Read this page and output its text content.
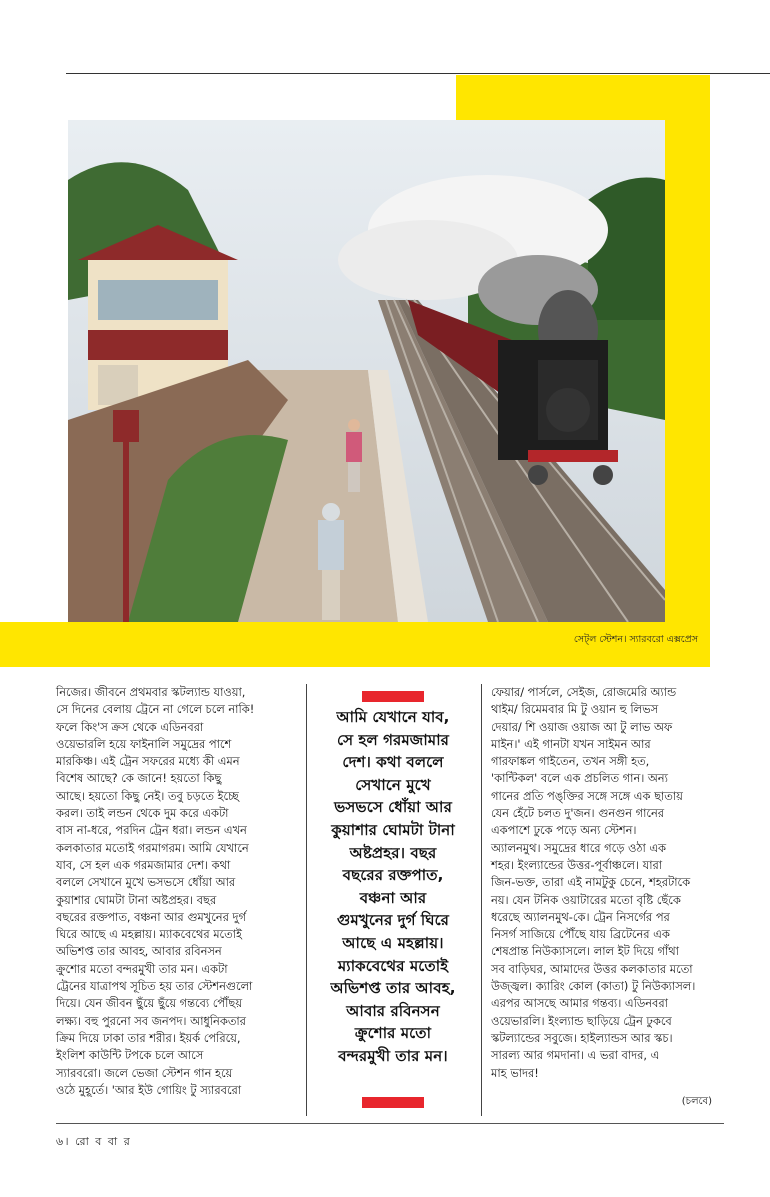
সেট্‌ল স্টেশন। স্যারবরো এক্সপ্রেস

নিজের। জীবনে প্রথমবার স্কটল্যান্ড যাওয়া,
সে দিনের বেলায় ট্রেনে না গেলে চলে নাকি!
ফলে কিং'স ক্রস থেকে এডিনবরা
ওয়েভারলি হয়ে ফাইনালি সমুদ্রের পাশে
মারকিঞ্চ। এই ট্রেন সফরের মধ্যে কী এমন
বিশেষ আছে? কে জানে! হয়তো কিছু
আছে। হয়তো কিছু নেই। তবু চড়তে ইচ্ছে
করল। তাই লন্ডন থেকে দুম করে একটা
বাস না-ধরে, পরদিন ট্রেন ধরা। লন্ডন এখন
কলকাতার মতোই গরমাগরম। আমি যেখানে
যাব, সে হল এক গরমজামার দেশ। কথা
বললে সেখানে মুখে ভসভসে ধোঁয়া আর
কুয়াশার ঘোমটা টানা অষ্টপ্রহর। বছর
বছরের রক্তপাত, বঞ্চনা আর গুমখুনের দুর্গ
ঘিরে আছে এ মহল্লায়। ম্যাকবেথের মতোই
অভিশপ্ত তার আবহ, আবার রবিনসন
ক্রুশোর মতো বন্দরমুখী তার মন। একটা
ট্রেনের যাত্রাপথ সূচিত হয় তার স্টেশনগুলো
দিয়ে। যেন জীবন ছুঁয়ে ছুঁয়ে গন্তব্যে পৌঁছয়
লক্ষ্য। বহু পুরনো সব জনপদ। আধুনিকতার
ক্রিম দিয়ে ঢাকা তার শরীর। ইয়র্ক পেরিয়ে,
ইংলিশ কাউন্টি টপকে চলে আসে
স্যারবরো। জলে ভেজা স্টেশন গান হয়ে
ওঠে মুহূর্তে। 'আর ইউ গোয়িং টু স্যারবরো

আমি যেখানে যাব,
সে হল গরমজামার
দেশ। কথা বললে
সেখানে মুখে
ভসভসে ধোঁয়া আর
কুয়াশার ঘোমটা টানা
অষ্টপ্রহর। বছর
বছরের রক্তপাত,
বঞ্চনা আর
গুমখুনের দুর্গ ঘিরে
আছে এ মহল্লায়।
ম্যাকবেথের মতোই
অভিশপ্ত তার আবহ,
আবার রবিনসন
ক্রুশোর মতো
বন্দরমুখী তার মন।

ফেয়ার/ পার্সলে, সেইজ, রোজমেরি অ্যান্ড
থাইম/ রিমেমবার মি টু ওয়ান হু লিভস
দেয়ার/ শি ওয়াজ ওয়াজ আ টু লাভ অফ
মাইন।' এই গানটা যখন সাইমন আর
গারফাঙ্কল গাইতেন, তখন সঙ্গী হত,
'কান্টিকল' বলে এক প্রচলিত গান। অন্য
গানের প্রতি পঙ্‌ক্তির সঙ্গে সঙ্গে এক ছাতায়
যেন হেঁটে চলত দু'জন। গুনগুন গানের
একপাশে ঢুকে পড়ে অন্য স্টেশন।
অ্যালনমুথ। সমুদ্রের ধারে গড়ে ওঠা এক
শহর। ইংল্যান্ডের উত্তর-পূর্বাঞ্চলে। যারা
জিন-ভক্ত, তারা এই নামটুকু চেনে, শহরটাকে
নয়। যেন টনিক ওয়াটারের মতো বৃষ্টি ছেঁকে
ধরেছে অ্যালনমুথ-কে। ট্রেন নিসর্গের পর
নিসর্গ সাজিয়ে পৌঁছে যায় ব্রিটেনের এক
শেষপ্রান্ত নিউক্যাসলে। লাল ইট দিয়ে গাঁথা
সব বাড়িঘর, আমাদের উত্তর কলকাতার মতো
উজ্জ্বল। ক্যারিং কোল (কাতা) টু নিউক্যাসল।
এরপর আসছে আমার গন্তব্য। এডিনবরা
ওয়েভারলি। ইংল্যান্ড ছাড়িয়ে ট্রেন ঢুকবে
স্কটল্যান্ডের সবুজে। হাইল্যান্ডস আর স্কচ।
সারল্য আর গমদানা। এ ভরা বাদর, এ
মাহ ভাদর!

(চলবে)
৬। রো ব বা র
